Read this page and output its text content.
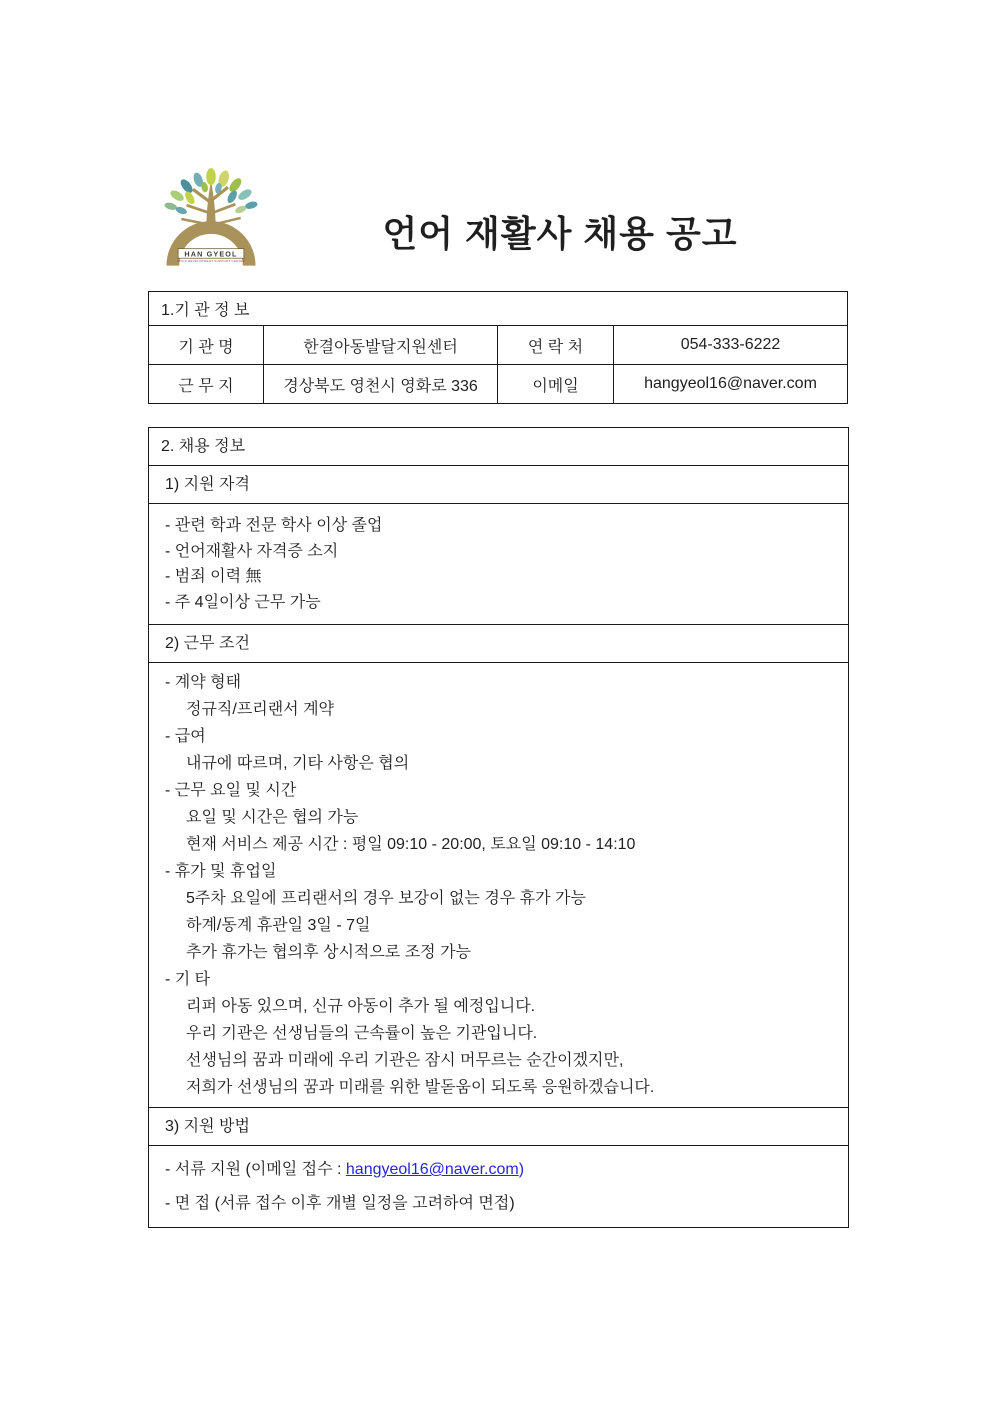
HAN GYEOL
CHILD DEVELOPMENT SUPPORT CENTER
언어 재활사 채용 공고
1.기 관 정 보			
기 관 명	한결아동발달지원센터	연 락 처	054-333-6222
근 무 지	경상북도 영천시 영화로 336	이메일	hangyeol16@naver.com
2. 채용 정보
1) 지원 자격
- 관련 학과 전문 학사 이상 졸업
- 언어재활사 자격증 소지
- 범죄 이력 無
- 주 4일이상 근무 가능
2) 근무 조건
- 계약 형태
정규직/프리랜서 계약
- 급여
내규에 따르며, 기타 사항은 협의
- 근무 요일 및 시간
요일 및 시간은 협의 가능
현재 서비스 제공 시간 : 평일 09:10 - 20:00, 토요일 09:10 - 14:10
- 휴가 및 휴업일
5주차 요일에 프리랜서의 경우 보강이 없는 경우 휴가 가능
하계/동계 휴관일 3일 - 7일
추가 휴가는 협의후 상시적으로 조정 가능
- 기 타
리퍼 아동 있으며, 신규 아동이 추가 될 예정입니다.
우리 기관은 선생님들의 근속률이 높은 기관입니다.
선생님의 꿈과 미래에 우리 기관은 잠시 머무르는 순간이겠지만,
저희가 선생님의 꿈과 미래를 위한 발돋움이 되도록 응원하겠습니다.
3) 지원 방법
- 서류 지원 (이메일 접수 : hangyeol16@naver.com)
- 면 접 (서류 접수 이후 개별 일정을 고려하여 면접)
